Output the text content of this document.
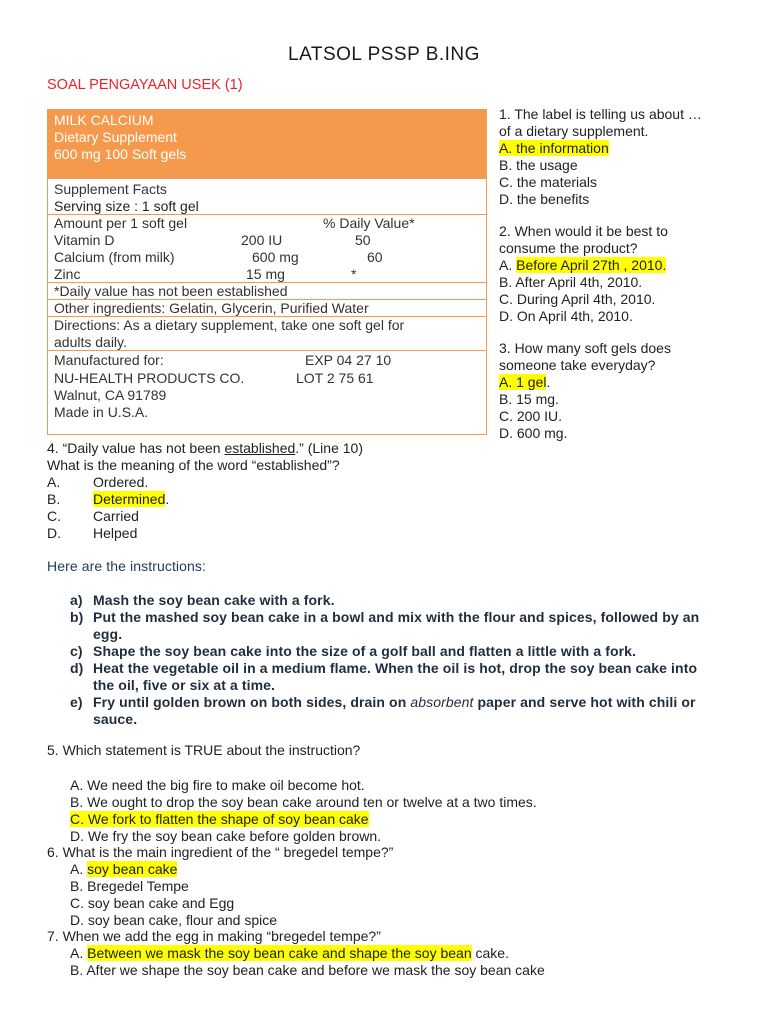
LATSOL PSSP B.ING
SOAL PENGAYAAN USEK (1)
MILK CALCIUM
Dietary Supplement
600 mg 100 Soft gels
Supplement Facts
Serving size : 1 soft gel
Amount per 1 soft gel	% Daily Value*
Vitamin D	200 IU	50
Calcium (from milk)	600 mg	60
Zinc	15 mg	*
*Daily value has not been established
Other ingredients: Gelatin, Glycerin, Purified Water
Directions: As a dietary supplement, take one soft gel for
adults daily.
Manufactured for:	EXP 04 27 10
NU-HEALTH PRODUCTS CO.	LOT 2 75 61
Walnut, CA 91789
Made in U.S.A.
1. The label is telling us about …
of a dietary supplement.
A. the information
B. the usage
C. the materials
D. the benefits
2. When would it be best to
consume the product?
A. Before April 27th , 2010.
B. After April 4th, 2010.
C. During April 4th, 2010.
D. On April 4th, 2010.
3. How many soft gels does
someone take everyday?
A. 1 gel.
B. 15 mg.
C. 200 IU.
D. 600 mg.
4. “Daily value has not been established.” (Line 10)
What is the meaning of the word “established”?
A. Ordered.
B. Determined.
C. Carried
D. Helped
Here are the instructions:
a) Mash the soy bean cake with a fork.
b) Put the mashed soy bean cake in a bowl and mix with the flour and spices, followed by an
egg.
c) Shape the soy bean cake into the size of a golf ball and flatten a little with a fork.
d) Heat the vegetable oil in a medium flame. When the oil is hot, drop the soy bean cake into
the oil, five or six at a time.
e) Fry until golden brown on both sides, drain on absorbent paper and serve hot with chili or
sauce.
5. Which statement is TRUE about the instruction?
A. We need the big fire to make oil become hot.
B. We ought to drop the soy bean cake around ten or twelve at a two times.
C. We fork to flatten the shape of soy bean cake
D. We fry the soy bean cake before golden brown.
6. What is the main ingredient of the “ bregedel tempe?”
A. soy bean cake
B. Bregedel Tempe
C. soy bean cake and Egg
D. soy bean cake, flour and spice
7. When we add the egg in making “bregedel tempe?”
A. Between we mask the soy bean cake and shape the soy bean cake.
B. After we shape the soy bean cake and before we mask the soy bean cake
